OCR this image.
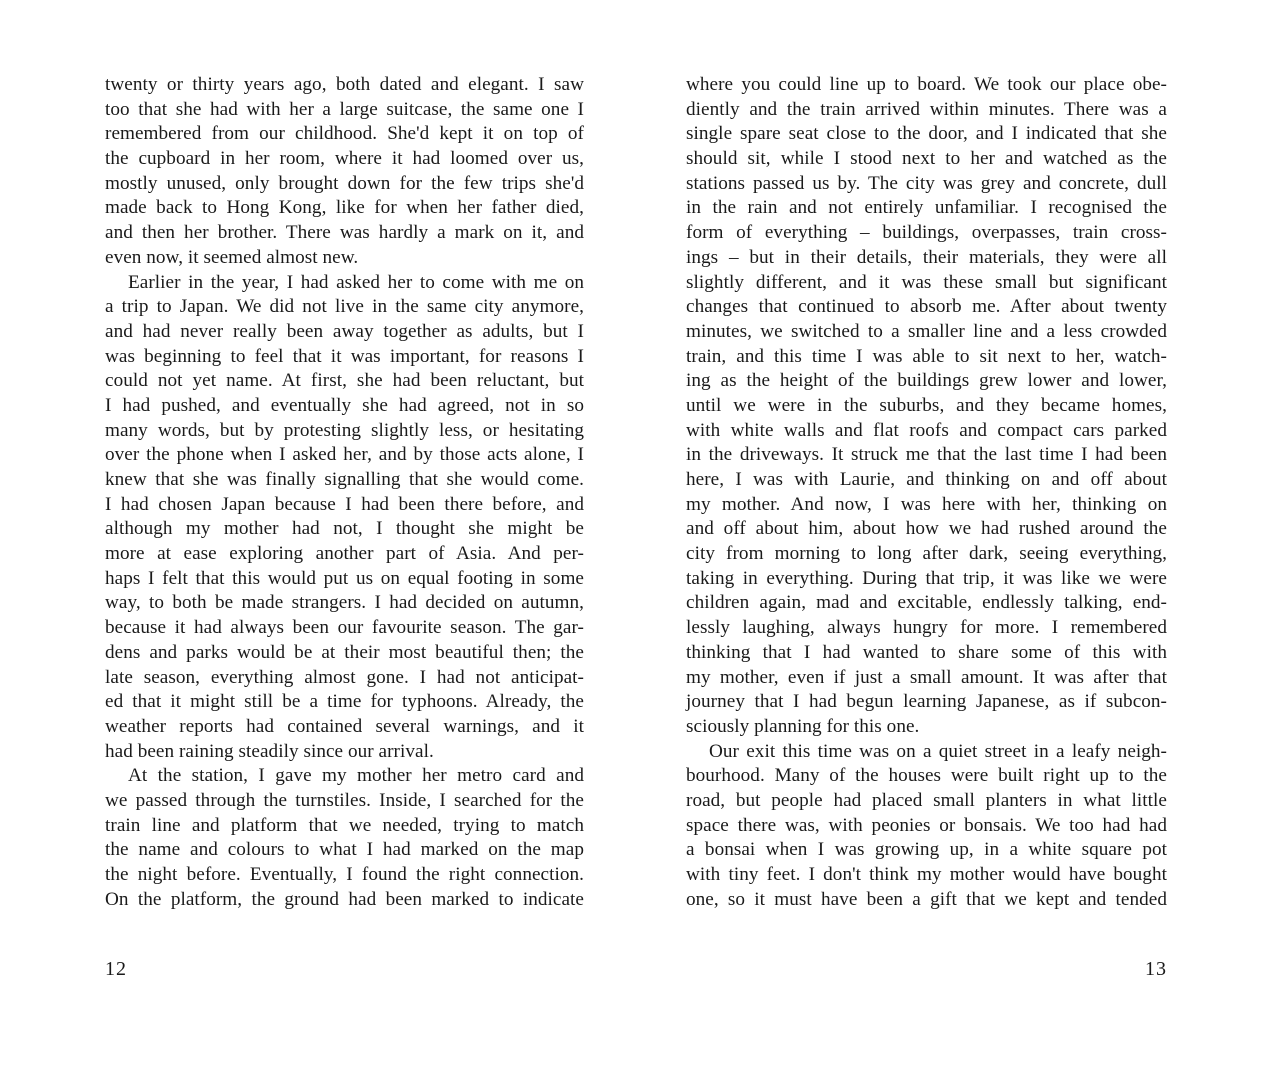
twenty or thirty years ago, both dated and elegant. I saw
too that she had with her a large suitcase, the same one I
remembered from our childhood. She'd kept it on top of
the cupboard in her room, where it had loomed over us,
mostly unused, only brought down for the few trips she'd
made back to Hong Kong, like for when her father died,
and then her brother. There was hardly a mark on it, and
even now, it seemed almost new.
Earlier in the year, I had asked her to come with me on
a trip to Japan. We did not live in the same city anymore,
and had never really been away together as adults, but I
was beginning to feel that it was important, for reasons I
could not yet name. At first, she had been reluctant, but
I had pushed, and eventually she had agreed, not in so
many words, but by protesting slightly less, or hesitating
over the phone when I asked her, and by those acts alone, I
knew that she was finally signalling that she would come.
I had chosen Japan because I had been there before, and
although my mother had not, I thought she might be
more at ease exploring another part of Asia. And per-
haps I felt that this would put us on equal footing in some
way, to both be made strangers. I had decided on autumn,
because it had always been our favourite season. The gar-
dens and parks would be at their most beautiful then; the
late season, everything almost gone. I had not anticipat-
ed that it might still be a time for typhoons. Already, the
weather reports had contained several warnings, and it
had been raining steadily since our arrival.
At the station, I gave my mother her metro card and
we passed through the turnstiles. Inside, I searched for the
train line and platform that we needed, trying to match
the name and colours to what I had marked on the map
the night before. Eventually, I found the right connection.
On the platform, the ground had been marked to indicate
12
where you could line up to board. We took our place obe-
diently and the train arrived within minutes. There was a
single spare seat close to the door, and I indicated that she
should sit, while I stood next to her and watched as the
stations passed us by. The city was grey and concrete, dull
in the rain and not entirely unfamiliar. I recognised the
form of everything – buildings, overpasses, train cross-
ings – but in their details, their materials, they were all
slightly different, and it was these small but significant
changes that continued to absorb me. After about twenty
minutes, we switched to a smaller line and a less crowded
train, and this time I was able to sit next to her, watch-
ing as the height of the buildings grew lower and lower,
until we were in the suburbs, and they became homes,
with white walls and flat roofs and compact cars parked
in the driveways. It struck me that the last time I had been
here, I was with Laurie, and thinking on and off about
my mother. And now, I was here with her, thinking on
and off about him, about how we had rushed around the
city from morning to long after dark, seeing everything,
taking in everything. During that trip, it was like we were
children again, mad and excitable, endlessly talking, end-
lessly laughing, always hungry for more. I remembered
thinking that I had wanted to share some of this with
my mother, even if just a small amount. It was after that
journey that I had begun learning Japanese, as if subcon-
sciously planning for this one.
Our exit this time was on a quiet street in a leafy neigh-
bourhood. Many of the houses were built right up to the
road, but people had placed small planters in what little
space there was, with peonies or bonsais. We too had had
a bonsai when I was growing up, in a white square pot
with tiny feet. I don't think my mother would have bought
one, so it must have been a gift that we kept and tended
13
